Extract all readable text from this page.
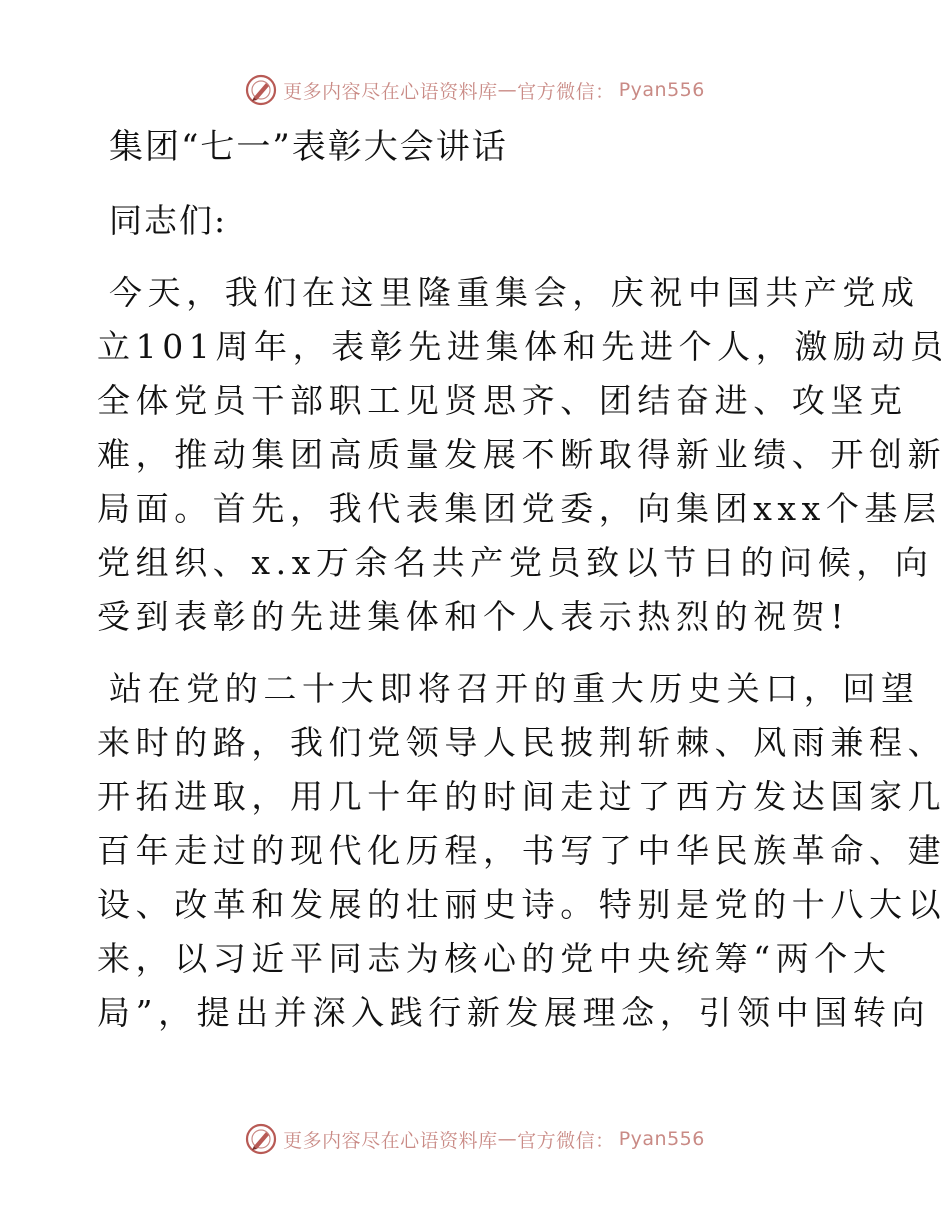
更多内容尽在心语资料库 — 官方微信： Pyan556
集团“七一”表彰大会讲话
同志们:
今天，我们在这里隆重集会，庆祝中国共产党成
立101周年，表彰先进集体和先进个人，激励动员
全体党员干部职工见贤思齐、团结奋进、攻坚克
难，推动集团高质量发展不断取得新业绩、开创新
局面。首先，我代表集团党委，向集团xxx个基层
党组织、x.x万余名共产党员致以节日的问候，向
受到表彰的先进集体和个人表示热烈的祝贺!
站在党的二十大即将召开的重大历史关口，回望
来时的路，我们党领导人民披荆斩棘、风雨兼程、
开拓进取，用几十年的时间走过了西方发达国家几
百年走过的现代化历程，书写了中华民族革命、建
设、改革和发展的壮丽史诗。特别是党的十八大以
来，以习近平同志为核心的党中央统筹“两个大
局”，提出并深入践行新发展理念，引领中国转向
更多内容尽在心语资料库 — 官方微信： Pyan556
